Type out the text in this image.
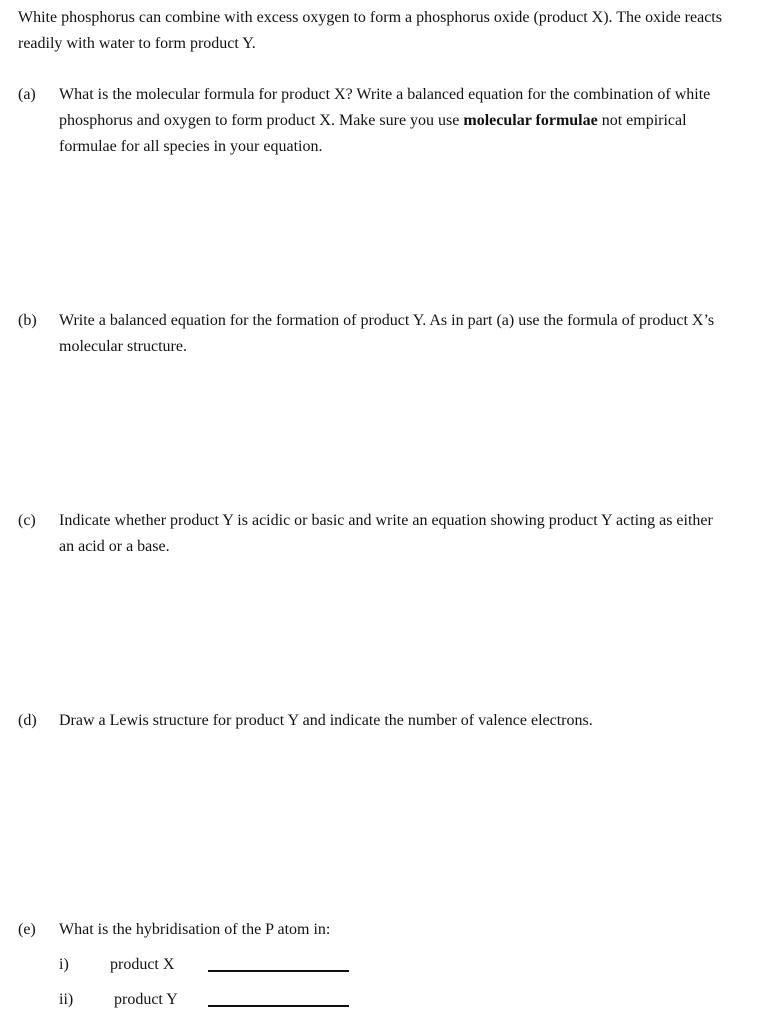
White phosphorus can combine with excess oxygen to form a phosphorus oxide (product X). The oxide reacts readily with water to form product Y.

(a) What is the molecular formula for product X? Write a balanced equation for the combination of white phosphorus and oxygen to form product X. Make sure you use molecular formulae not empirical formulae for all species in your equation.

(b) Write a balanced equation for the formation of product Y. As in part (a) use the formula of product X’s molecular structure.

(c) Indicate whether product Y is acidic or basic and write an equation showing product Y acting as either an acid or a base.

(d) Draw a Lewis structure for product Y and indicate the number of valence electrons.

(e) What is the hybridisation of the P atom in:

i)	product X
ii)	product Y
